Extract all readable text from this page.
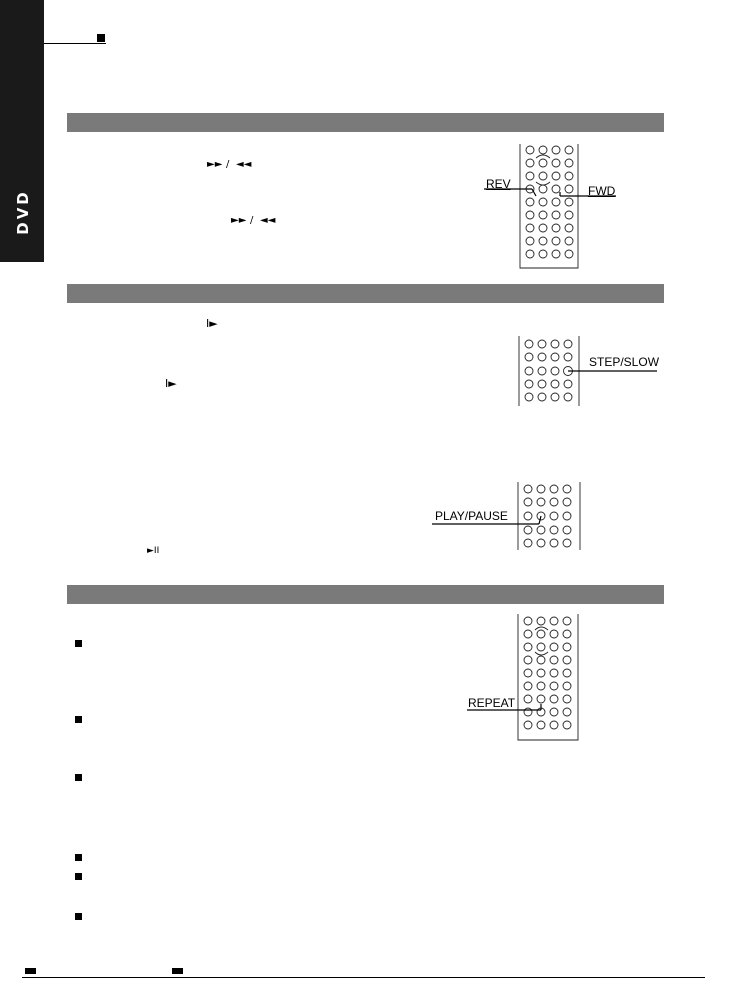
DVD
►► / ◄◄
►► / ◄◄
I►
I►
►II
REV	FWD
STEP/SLOW
PLAY/PAUSE
REPEAT
